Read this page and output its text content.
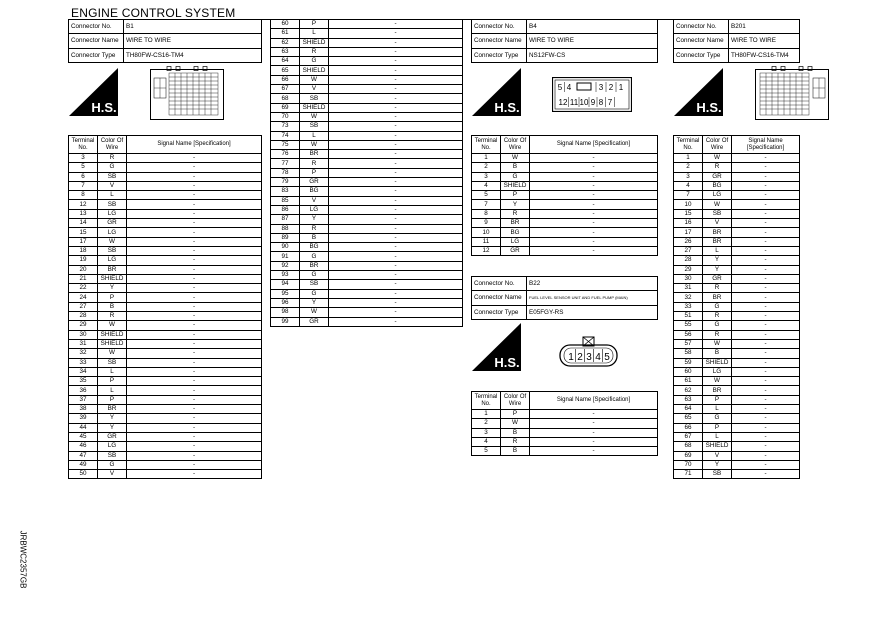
ENGINE CONTROL SYSTEM
JRBWC2357GB
Connector No.	B1
Connector Name	WIRE TO WIRE
Connector Type	TH80FW-CS16-TM4
H.S.
Terminal No.	Color Of Wire	Signal Name [Specification]
3	R	-
5	G	-
6	SB	-
7	V	-
8	L	-
12	SB	-
13	LG	-
14	GR	-
15	LG	-
17	W	-
18	SB	-
19	LG	-
20	BR	-
21	SHIELD	-
22	Y	-
24	P	-
27	B	-
28	R	-
29	W	-
30	SHIELD	-
31	SHIELD	-
32	W	-
33	SB	-
34	L	-
35	P	-
36	L	-
37	P	-
38	BR	-
39	Y	-
44	Y	-
45	GR	-
46	LG	-
47	SB	-
49	G	-
50	V	-
60	P	-
61	L	-
62	SHIELD	-
63	R	-
64	G	-
65	SHIELD	-
66	W	-
67	V	-
68	SB	-
69	SHIELD	-
70	W	-
73	SB	-
74	L	-
75	W	-
76	BR	-
77	R	-
78	P	-
79	GR	-
83	BG	-
85	V	-
86	LG	-
87	Y	-
88	R	-
89	B	-
90	BG	-
91	G	-
92	BR	-
93	G	-
94	SB	-
95	G	-
96	Y	-
98	W	-
99	GR	-
Connector No.	B4
Connector Name	WIRE TO WIRE
Connector Type	NS12FW-CS
H.S.
5 4	3 2 1
12 11 10 9 8 7
Terminal No.	Color Of Wire	Signal Name [Specification]
1	W	-
2	B	-
3	G	-
4	SHIELD	-
5	P	-
7	Y	-
8	R	-
9	BR	-
10	BG	-
11	LG	-
12	GR	-
Connector No.	B22
Connector Name	FUEL LEVEL SENSOR UNIT AND FUEL PUMP (MAIN)
Connector Type	E05FGY-RS
H.S.	1 2 3 4 5
Terminal No.	Color Of Wire	Signal Name [Specification]
1	P	-
2	W	-
3	B	-
4	R	-
5	B	-
Connector No.	B201
Connector Name	WIRE TO WIRE
Connector Type	TH80FW-CS16-TM4
H.S.
Terminal No.	Color Of Wire	Signal Name [Specification]
1	W	-
2	R	-
3	GR	-
4	BG	-
7	LG	-
10	W	-
15	SB	-
16	V	-
17	BR	-
26	BR	-
27	L	-
28	Y	-
29	Y	-
30	GR	-
31	R	-
32	BR	-
33	G	-
51	R	-
55	G	-
56	R	-
57	W	-
58	B	-
59	SHIELD	-
60	LG	-
61	W	-
62	BR	-
63	P	-
64	L	-
65	G	-
66	P	-
67	L	-
68	SHIELD	-
69	V	-
70	Y	-
71	SB	-
